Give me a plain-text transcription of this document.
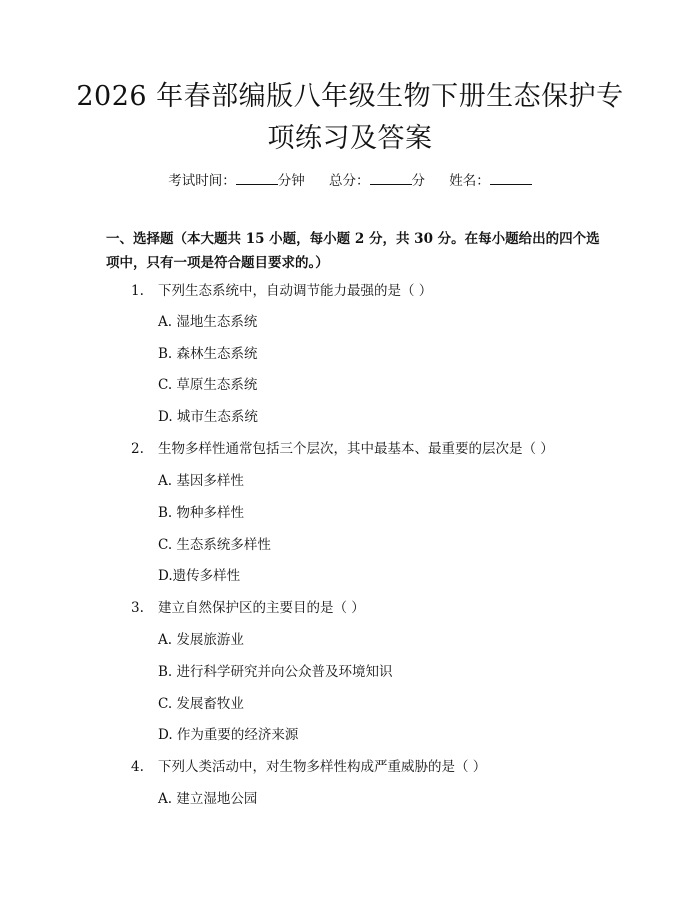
2026 年春部编版八年级生物下册生态保护专
项练习及答案
考试时间：	分钟 总分：	分 姓名：
一、选择题（本大题共 15 小题，每小题 2 分，共 30 分。在每小题给出的四个选
项中，只有一项是符合题目要求的。）
1. 下列生态系统中，自动调节能力最强的是（ ）
A. 湿地生态系统
B. 森林生态系统
C. 草原生态系统
D. 城市生态系统
2. 生物多样性通常包括三个层次，其中最基本、最重要的层次是（ ）
A. 基因多样性
B. 物种多样性
C. 生态系统多样性
D.遗传多样性
3. 建立自然保护区的主要目的是（ ）
A. 发展旅游业
B. 进行科学研究并向公众普及环境知识
C. 发展畜牧业
D. 作为重要的经济来源
4. 下列人类活动中，对生物多样性构成严重威胁的是（ ）
A. 建立湿地公园
